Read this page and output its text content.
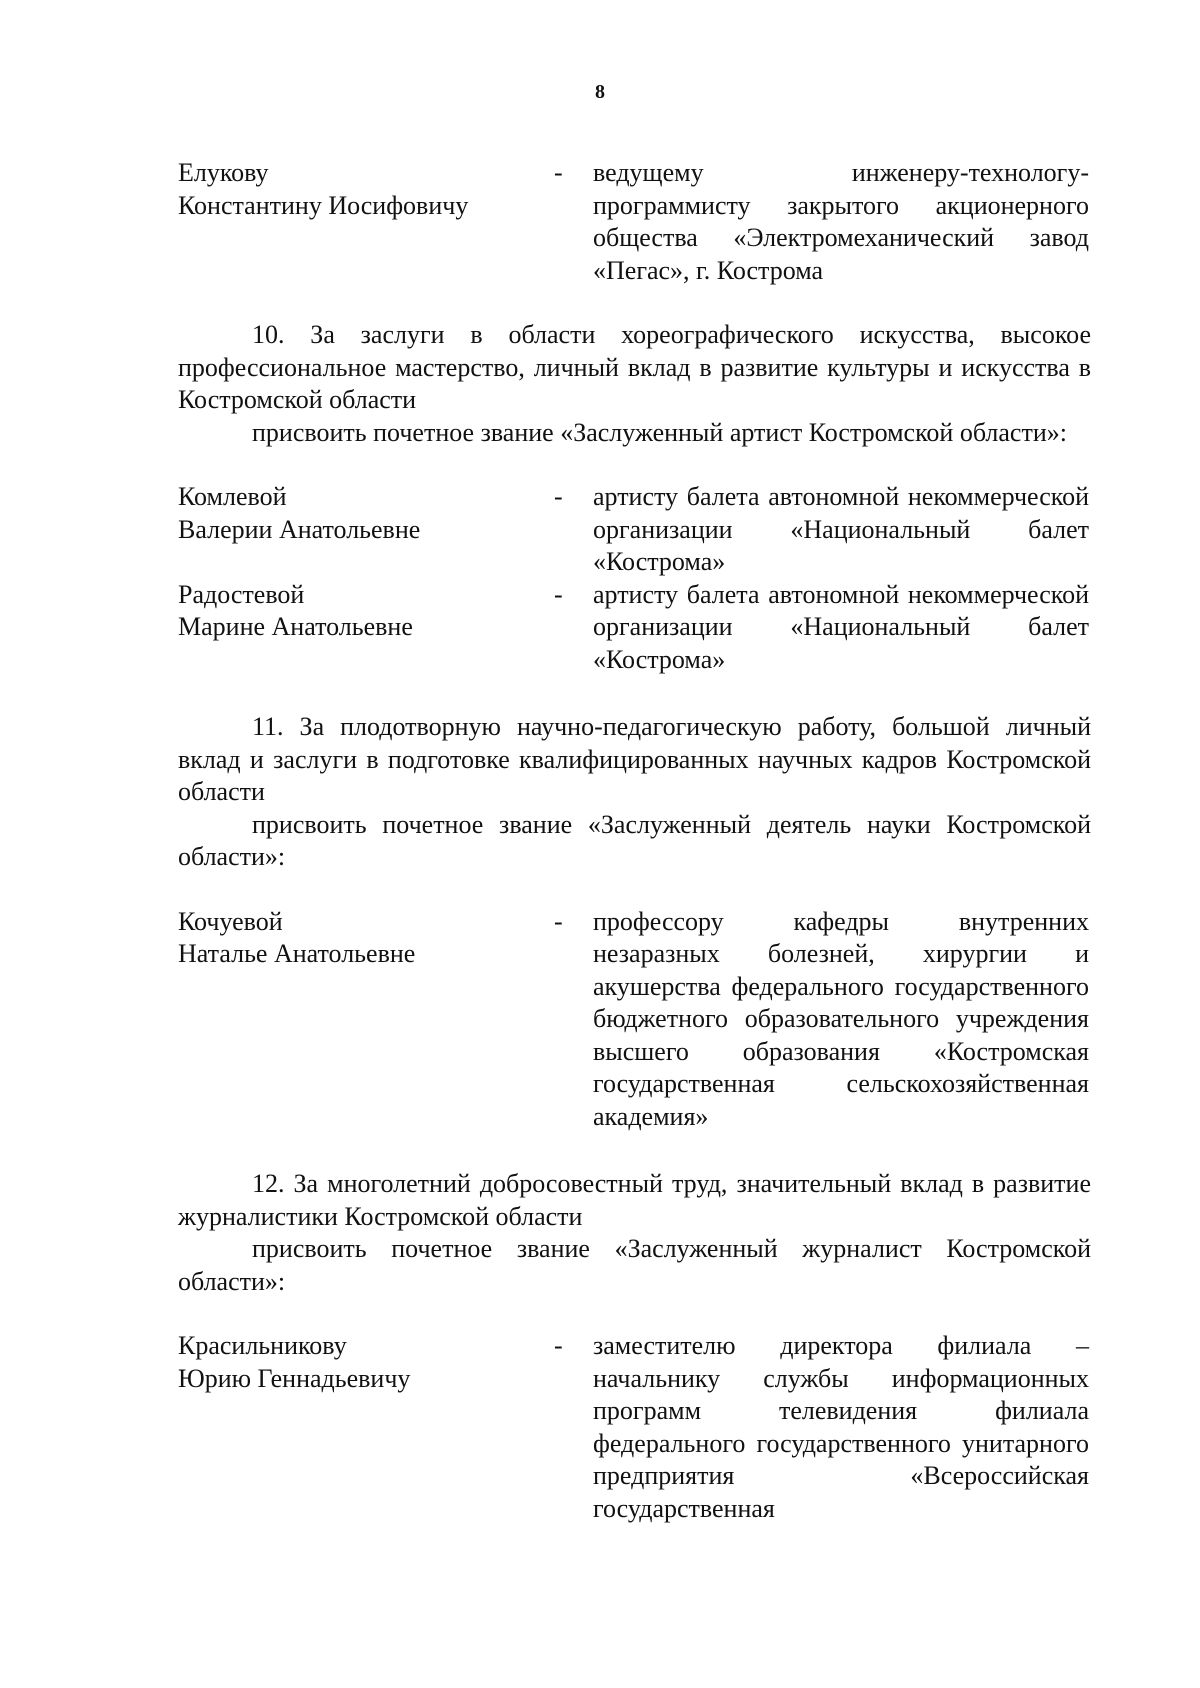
8
Елукову
Константину Иосифовичу
- ведущему инженеру-технологу-программисту закрытого акционерного общества «Электромеханический завод «Пегас», г. Кострома
10. За заслуги в области хореографического искусства, высокое профессиональное мастерство, личный вклад в развитие культуры и искусства в Костромской области
присвоить почетное звание «Заслуженный артист Костромской области»:
Комлевой
Валерии Анатольевне
- артисту балета автономной некоммерческой организации «Национальный балет «Кострома»
Радостевой
Марине Анатольевне
- артисту балета автономной некоммерческой организации «Национальный балет «Кострома»
11. За плодотворную научно-педагогическую работу, большой личный вклад и заслуги в подготовке квалифицированных научных кадров Костромской области
присвоить почетное звание «Заслуженный деятель науки Костромской области»:
Кочуевой
Наталье Анатольевне
- профессору кафедры внутренних незаразных болезней, хирургии и акушерства федерального государственного бюджетного образовательного учреждения высшего образования «Костромская государственная сельскохозяйственная академия»
12. За многолетний добросовестный труд, значительный вклад в развитие журналистики Костромской области
присвоить почетное звание «Заслуженный журналист Костромской области»:
Красильникову
Юрию Геннадьевичу
- заместителю директора филиала – начальнику службы информационных программ телевидения филиала федерального государственного унитарного предприятия «Всероссийская государственная
